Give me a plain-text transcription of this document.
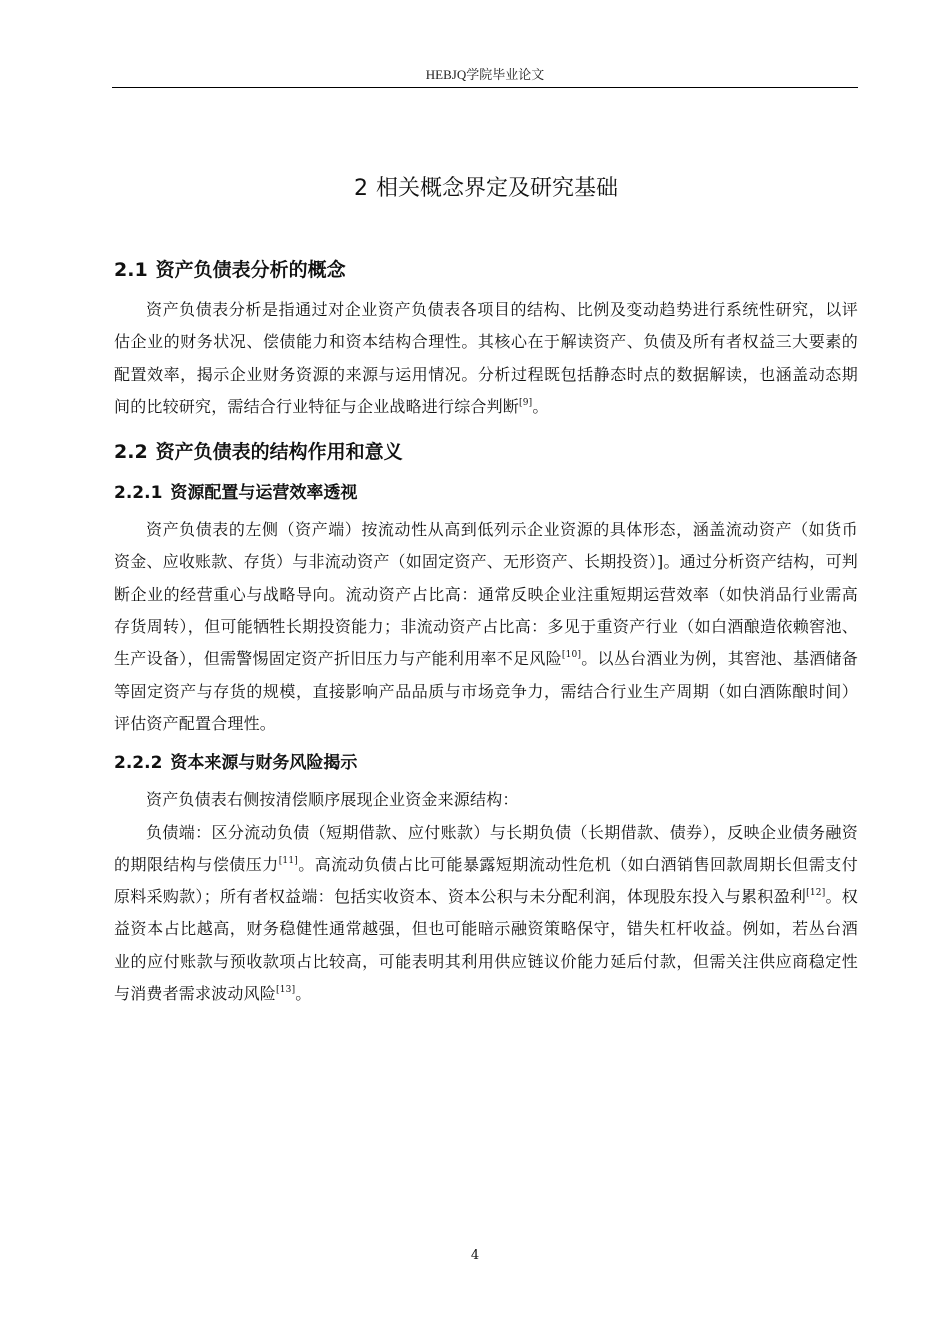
HEBJQ学院毕业论文
2 相关概念界定及研究基础
2.1 资产负债表分析的概念

资产负债表分析是指通过对企业资产负债表各项目的结构、比例及变动趋势进行系统性研究，以评估企业的财务状况、偿债能力和资本结构合理性。其核心在于解读资产、负债及所有者权益三大要素的配置效率，揭示企业财务资源的来源与运用情况。分析过程既包括静态时点的数据解读，也涵盖动态期间的比较研究，需结合行业特征与企业战略进行综合判断[9]。

2.2 资产负债表的结构作用和意义
2.2.1 资源配置与运营效率透视

资产负债表的左侧（资产端）按流动性从高到低列示企业资源的具体形态，涵盖流动资产（如货币资金、应收账款、存货）与非流动资产（如固定资产、无形资产、长期投资）]。通过分析资产结构，可判断企业的经营重心与战略导向。流动资产占比高：通常反映企业注重短期运营效率（如快消品行业需高存货周转），但可能牺牲长期投资能力；非流动资产占比高：多见于重资产行业（如白酒酿造依赖窖池、生产设备），但需警惕固定资产折旧压力与产能利用率不足风险[10]。以丛台酒业为例，其窖池、基酒储备等固定资产与存货的规模，直接影响产品品质与市场竞争力，需结合行业生产周期（如白酒陈酿时间）评估资产配置合理性。

2.2.2 资本来源与财务风险揭示

资产负债表右侧按清偿顺序展现企业资金来源结构：

负债端：区分流动负债（短期借款、应付账款）与长期负债（长期借款、债券），反映企业债务融资的期限结构与偿债压力[11]。高流动负债占比可能暴露短期流动性危机（如白酒销售回款周期长但需支付原料采购款）；所有者权益端：包括实收资本、资本公积与未分配利润，体现股东投入与累积盈利[12]。权益资本占比越高，财务稳健性通常越强，但也可能暗示融资策略保守，错失杠杆收益。例如，若丛台酒业的应付账款与预收款项占比较高，可能表明其利用供应链议价能力延后付款，但需关注供应商稳定性与消费者需求波动风险[13]。

4
